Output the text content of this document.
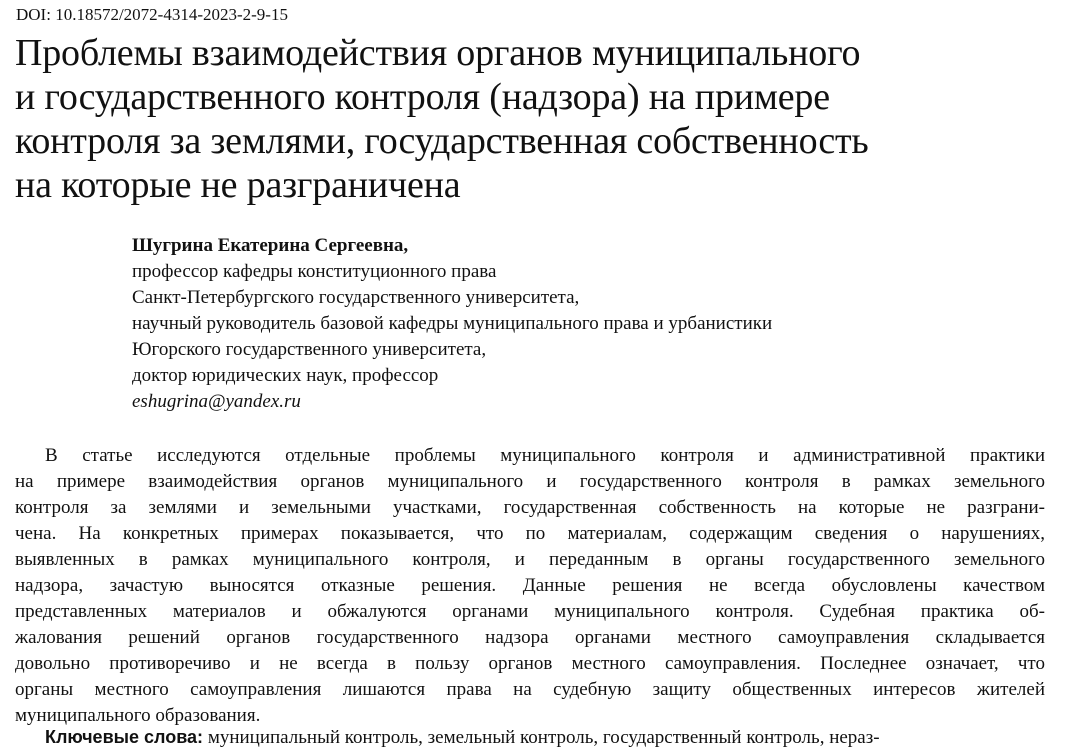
DOI: 10.18572/2072-4314-2023-2-9-15
Проблемы взаимодействия органов муниципального
и государственного контроля (надзора) на примере
контроля за землями, государственная собственность
на которые не разграничена
Шугрина Екатерина Сергеевна,
профессор кафедры конституционного права
Санкт-Петербургского государственного университета,
научный руководитель базовой кафедры муниципального права и урбанистики
Югорского государственного университета,
доктор юридических наук, профессор
eshugrina@yandex.ru
В статье исследуются отдельные проблемы муниципального контроля и административной практики
на примере взаимодействия органов муниципального и государственного контроля в рамках земельного
контроля за землями и земельными участками, государственная собственность на которые не разграни-
чена. На конкретных примерах показывается, что по материалам, содержащим сведения о нарушениях,
выявленных в рамках муниципального контроля, и переданным в органы государственного земельного
надзора, зачастую выносятся отказные решения. Данные решения не всегда обусловлены качеством
представленных материалов и обжалуются органами муниципального контроля. Судебная практика об-
жалования решений органов государственного надзора органами местного самоуправления складывается
довольно противоречиво и не всегда в пользу органов местного самоуправления. Последнее означает, что
органы местного самоуправления лишаются права на судебную защиту общественных интересов жителей
муниципального образования.
Ключевые слова: муниципальный контроль, земельный контроль, государственный контроль, нераз-
